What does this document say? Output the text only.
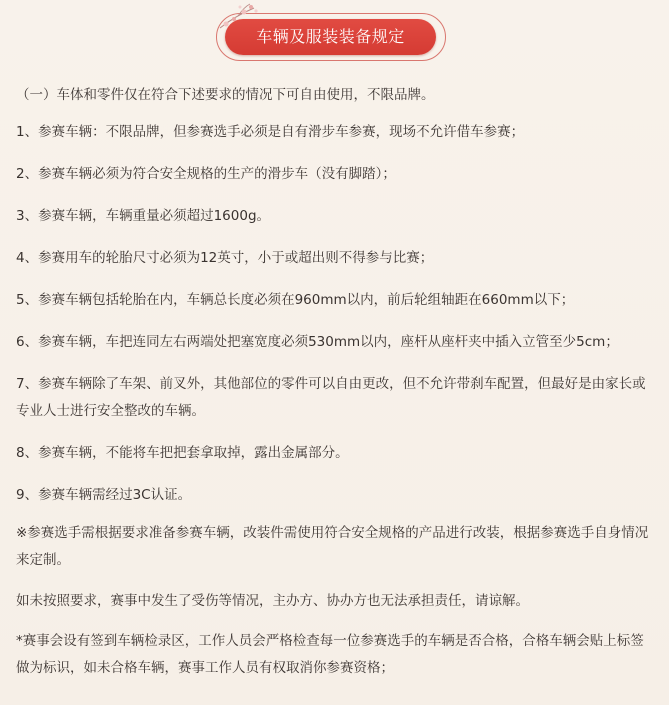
车辆及服装装备规定

（一）车体和零件仅在符合下述要求的情况下可自由使用，不限品牌。

1、参赛车辆：不限品牌，但参赛选手必须是自有滑步车参赛，现场不允许借车参赛；

2、参赛车辆必须为符合安全规格的生产的滑步车（没有脚踏）；

3、参赛车辆，车辆重量必须超过1600g。

4、参赛用车的轮胎尺寸必须为12英寸，小于或超出则不得参与比赛；

5、参赛车辆包括轮胎在内，车辆总长度必须在960mm以内，前后轮组轴距在660mm以下；

6、参赛车辆，车把连同左右两端处把塞宽度必须530mm以内，座杆从座杆夹中插入立管至少5cm；

7、参赛车辆除了车架、前叉外，其他部位的零件可以自由更改，但不允许带刹车配置，但最好是由家长或专业人士进行安全整改的车辆。

8、参赛车辆，不能将车把把套拿取掉，露出金属部分。

9、参赛车辆需经过3C认证。

※参赛选手需根据要求准备参赛车辆，改装件需使用符合安全规格的产品进行改装，根据参赛选手自身情况来定制。

如未按照要求，赛事中发生了受伤等情况，主办方、协办方也无法承担责任，请谅解。

*赛事会设有签到车辆检录区，工作人员会严格检查每一位参赛选手的车辆是否合格，合格车辆会贴上标签做为标识，如未合格车辆，赛事工作人员有权取消你参赛资格；
